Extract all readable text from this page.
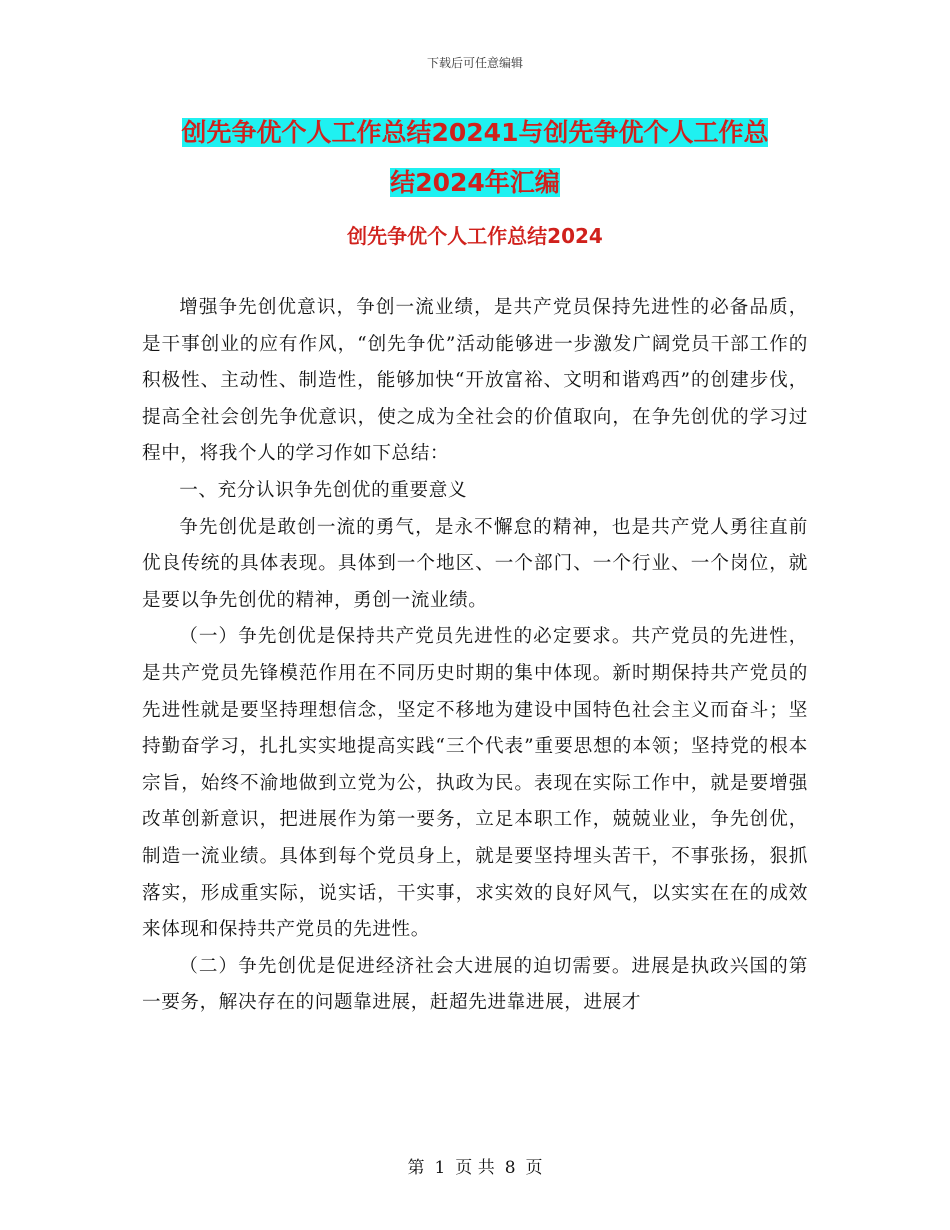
下载后可任意编辑
创先争优个人工作总结20241与创先争优个人工作总
结2024年汇编
创先争优个人工作总结2024

增强争先创优意识，争创一流业绩，是共产党员保持先进性的必备品质，是干事创业的应有作风，“创先争优”活动能够进一步激发广阔党员干部工作的积极性、主动性、制造性，能够加快“开放富裕、文明和谐鸡西”的创建步伐，提高全社会创先争优意识，使之成为全社会的价值取向，在争先创优的学习过程中，将我个人的学习作如下总结：

一、充分认识争先创优的重要意义

争先创优是敢创一流的勇气，是永不懈怠的精神，也是共产党人勇往直前优良传统的具体表现。具体到一个地区、一个部门、一个行业、一个岗位，就是要以争先创优的精神，勇创一流业绩。

（一）争先创优是保持共产党员先进性的必定要求。共产党员的先进性，是共产党员先锋模范作用在不同历史时期的集中体现。新时期保持共产党员的先进性就是要坚持理想信念，坚定不移地为建设中国特色社会主义而奋斗；坚持勤奋学习，扎扎实实地提高实践“三个代表”重要思想的本领；坚持党的根本宗旨，始终不渝地做到立党为公，执政为民。表现在实际工作中，就是要增强改革创新意识，把进展作为第一要务，立足本职工作，兢兢业业，争先创优，制造一流业绩。具体到每个党员身上，就是要坚持埋头苦干，不事张扬，狠抓落实，形成重实际，说实话，干实事，求实效的良好风气，以实实在在的成效来体现和保持共产党员的先进性。

（二）争先创优是促进经济社会大进展的迫切需要。进展是执政兴国的第一要务，解决存在的问题靠进展，赶超先进靠进展，进展才

第 1 页 共 8 页
